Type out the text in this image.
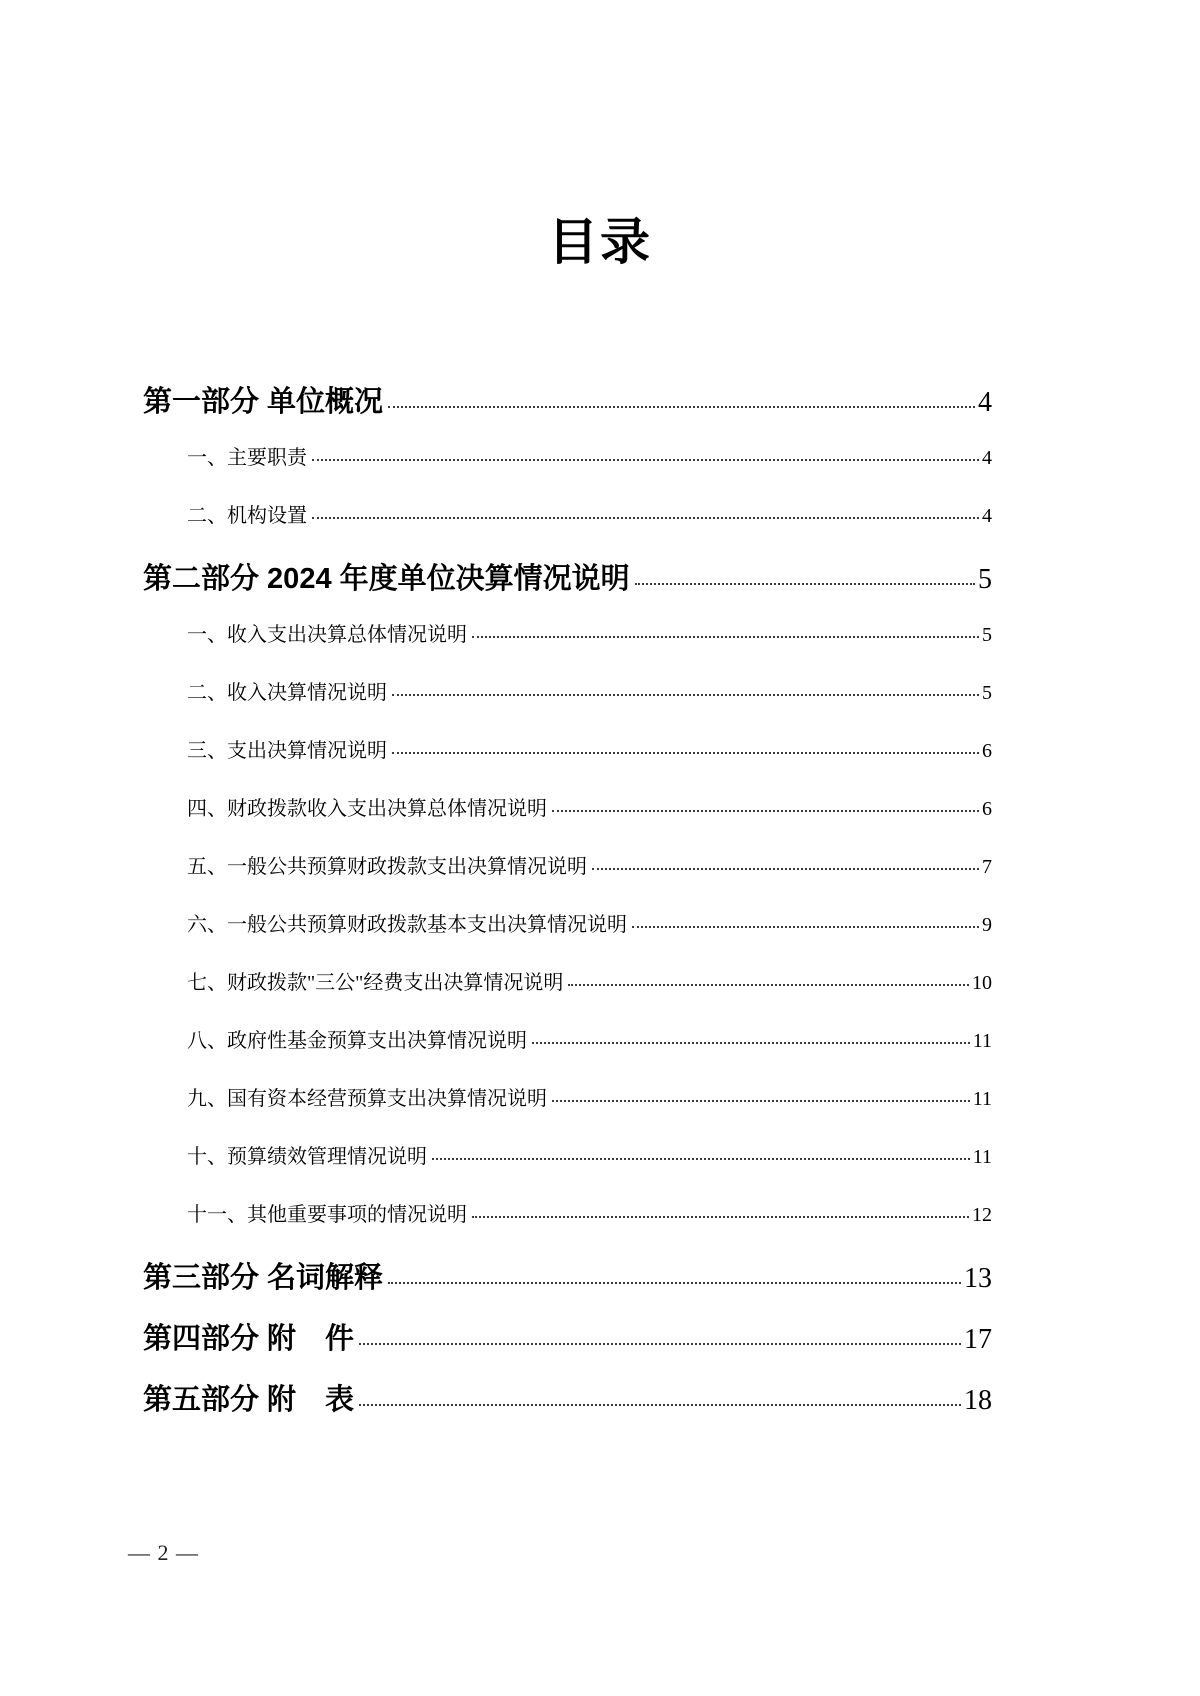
目录
第一部分 单位概况	4
一、主要职责	4
二、机构设置	4
第二部分 2024 年度单位决算情况说明	5
一、收入支出决算总体情况说明	5
二、收入决算情况说明	5
三、支出决算情况说明	6
四、财政拨款收入支出决算总体情况说明	6
五、一般公共预算财政拨款支出决算情况说明	7
六、一般公共预算财政拨款基本支出决算情况说明	9
七、财政拨款"三公"经费支出决算情况说明	10
八、政府性基金预算支出决算情况说明	11
九、国有资本经营预算支出决算情况说明	11
十、预算绩效管理情况说明	11
十一、其他重要事项的情况说明	12
第三部分 名词解释	13
第四部分 附　件	17
第五部分 附　表	18
— 2 —
